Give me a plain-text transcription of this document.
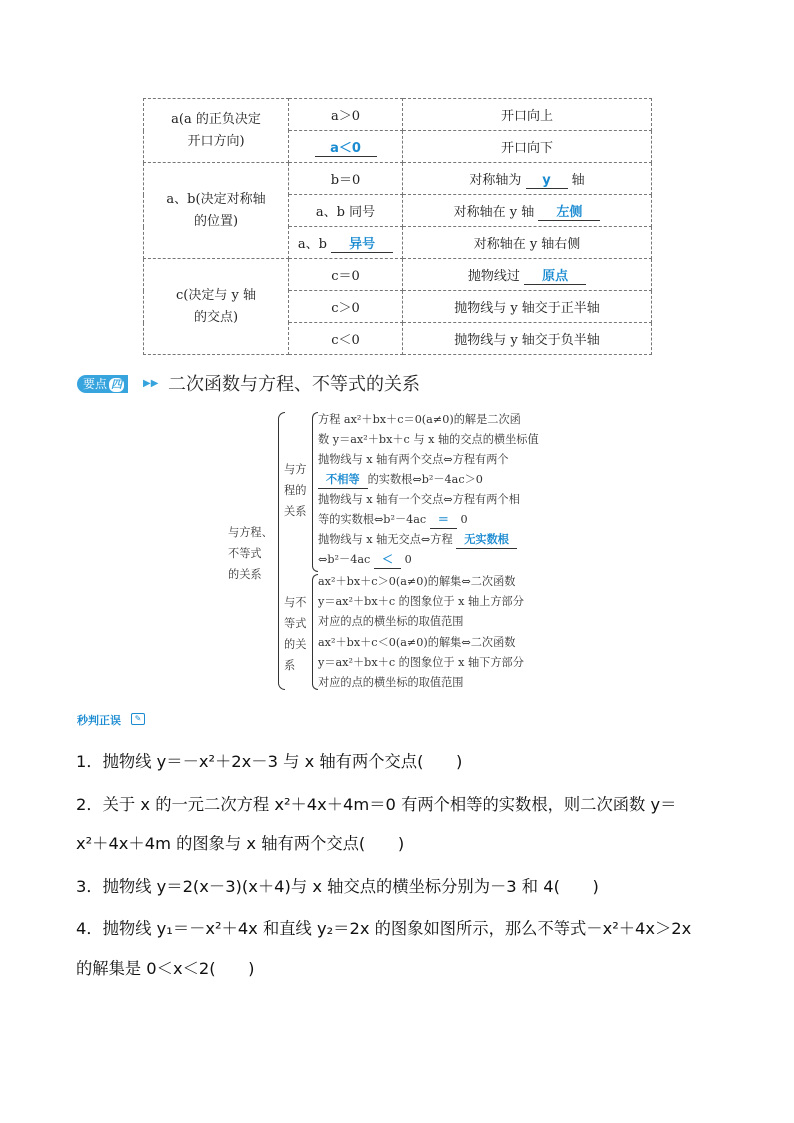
a(a 的正负决定
开口方向)	a＞0	开口向上
	a＜0	开口向下
a、b(决定对称轴
的位置)	b＝0	对称轴为 y 轴
	a、b 同号	对称轴在 y 轴 左侧
	a、b 异号	对称轴在 y 轴右侧
c(决定与 y 轴
的交点)	c＝0	抛物线过 原点
	c＞0	抛物线与 y 轴交于正半轴
	c＜0	抛物线与 y 轴交于负半轴
要点 四	▶▶ 二次函数与方程、不等式的关系
与方程、
不等式
的关系
与方
程的
关系
方程 ax²＋bx＋c＝0(a≠0)的解是二次函
数 y＝ax²＋bx＋c 与 x 轴的交点的横坐标值
抛物线与 x 轴有两个交点⇔方程有两个
不相等 的实数根⇔b²－4ac＞0
抛物线与 x 轴有一个交点⇔方程有两个相
等的实数根⇔b²－4ac ＝ 0
抛物线与 x 轴无交点⇔方程 无实数根
⇔b²－4ac ＜ 0
与不
等式
的关
系
ax²＋bx＋c＞0(a≠0)的解集⇔二次函数
y＝ax²＋bx＋c 的图象位于 x 轴上方部分
对应的点的横坐标的取值范围
ax²＋bx＋c＜0(a≠0)的解集⇔二次函数
y＝ax²＋bx＋c 的图象位于 x 轴下方部分
对应的点的横坐标的取值范围
秒判正误	✎
1．抛物线 y＝－x²＋2x－3 与 x 轴有两个交点(　　)
2．关于 x 的一元二次方程 x²＋4x＋4m＝0 有两个相等的实数根，则二次函数 y＝
x²＋4x＋4m 的图象与 x 轴有两个交点(　　)
3．抛物线 y＝2(x－3)(x＋4)与 x 轴交点的横坐标分别为－3 和 4(　　)
4．抛物线 y₁＝－x²＋4x 和直线 y₂＝2x 的图象如图所示，那么不等式－x²＋4x＞2x
的解集是 0＜x＜2(　　)
